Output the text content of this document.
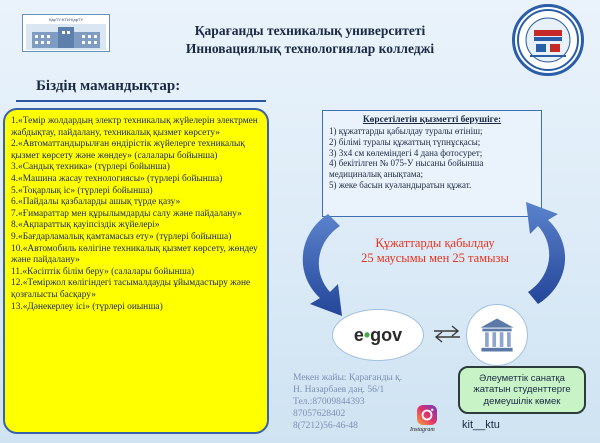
ҚарТУ·КТИ·ҚарТУ
Қарағанды техникалық университеті
Инновациялық технологиялар колледжі
Біздің мамандықтар:
1.«Темір жолдардың электр техникалық жүйелерін электрмен жабдықтау, пайдалану, техникалық қызмет көрсету»
2.«Автоматтандырылған өндірістік жүйелерге техникалық қызмет көрсету және жөндеу» (салалары бойынша)
3.«Сандық техника» (түрлері бойынша)
4.«Машина жасау технологиясы» (түрлері бойынша)
5.«Тоқарлық іс» (түрлері бойынша)
6.«Пайдалы қазбаларды ашық түрде қазу»
7.«Ғимараттар мен құрылымдарды салу және пайдалану»
8.«Ақпараттық қауіпсіздік жүйелері»
9.«Бағдарламалық қамтамасыз ету» (түрлері бойынша)
10.«Автомобиль көлігіне техникалық қызмет көрсету, жөндеу және пайдалану»
11.«Кәсіптік білім беру» (салалары бойынша)
12.«Теміржол көлігіндегі тасымалдауды ұйымдастыру және қозғалысты басқару»
13.«Дәнекерлеу ісі» (түрлері оиынша)
Көрсетілетін қызметті берушіге:
1) құжаттарды қабылдау туралы өтініш;
2) білімі туралы құжаттың түпнұсқасы;
3) 3х4 см көлеміндегі 4 дана фотосурет;
4) бекітілген № 075-У нысаны бойынша медициналық анықтама;
5) жеке басын куәландыратын құжат.
Құжаттарды қабылдау
25 маусымы мен 25 тамызы
e • gov
Мекен жайы: Қарағанды қ.
Н. Назарбаев даң. 56/1
Тел.:87009844393
87057628402
8(7212)56-46-48	Instagram kit__ktu
Әлеуметтік санатқа
жататын студенттерге
демеушілік көмек
